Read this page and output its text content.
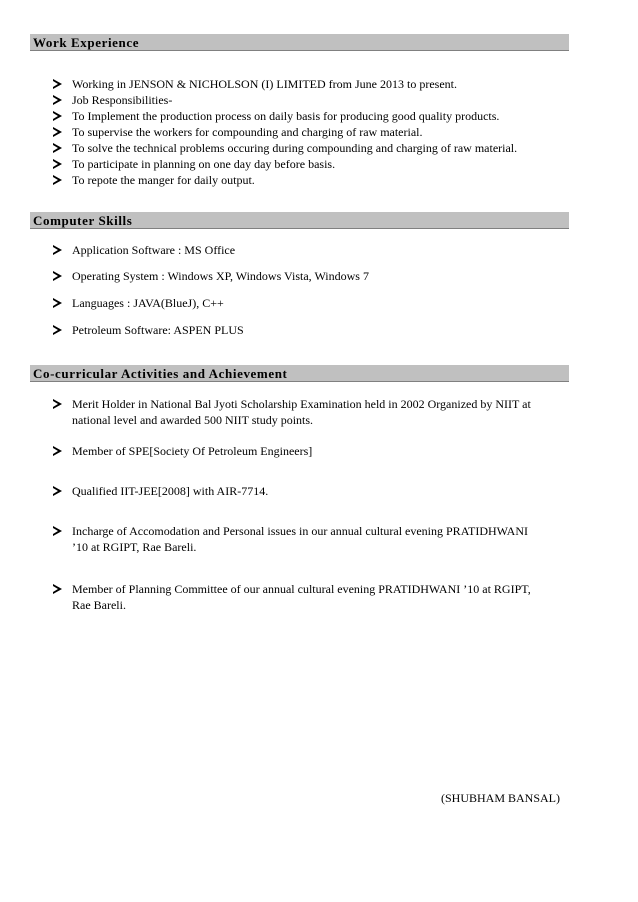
Work Experience
Working in JENSON & NICHOLSON (I) LIMITED from June 2013 to present.
Job Responsibilities-
To Implement the production process on daily basis for producing good quality products.
To supervise the workers for compounding and charging of raw material.
To solve the technical problems occuring during compounding and charging of raw material.
To participate in planning on one day day before basis.
To repote the manger for daily output.
Computer Skills
Application Software : MS Office
Operating System : Windows XP, Windows Vista, Windows 7
Languages : JAVA(BlueJ), C++
Petroleum Software: ASPEN PLUS
Co-curricular Activities and Achievement
Merit Holder in National Bal Jyoti Scholarship Examination held in 2002 Organized by NIIT at national level and awarded 500 NIIT study points.
Member of SPE[Society Of Petroleum Engineers]
Qualified IIT-JEE[2008] with AIR-7714.
Incharge of Accomodation and Personal issues in our annual cultural evening PRATIDHWANI ’10 at RGIPT, Rae Bareli.
Member of Planning Committee of our annual cultural evening PRATIDHWANI ’10 at RGIPT, Rae Bareli.
(SHUBHAM BANSAL)
